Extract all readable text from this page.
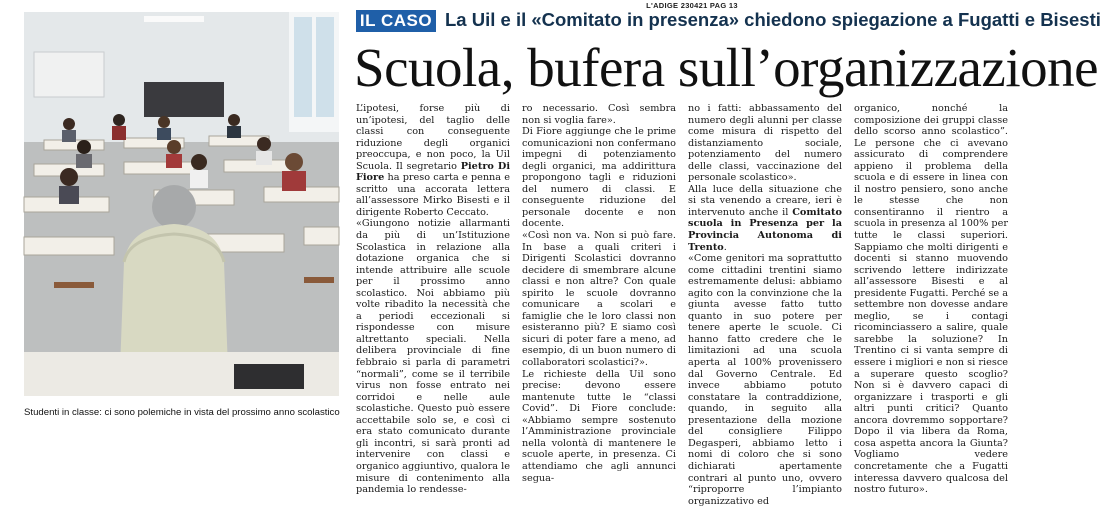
L'ADIGE 230421 PAG 13
Studenti in classe: ci sono polemiche in vista del prossimo anno scolastico
IL CASO La Uil e il «Comitato in presenza» chiedono spiegazione a Fugatti e Bisesti
Scuola, bufera sull’organizzazione

L’ipotesi, forse più di un’ipotesi, del taglio delle classi con conseguente riduzione degli organici preoccupa, e non poco, la Uil Scuola. Il segretario Pietro Di Fiore ha preso carta e penna e scritto una accorata lettera all’assessore Mirko Bisesti e il dirigente Roberto Ceccato.

«Giungono notizie allarmanti da più di un’Istituzione Scolastica in relazione alla dotazione organica che si intende attribuire alle scuole per il prossimo anno scolastico. Noi abbiamo più volte ribadito la necessità che a periodi eccezionali si rispondesse con misure altrettanto speciali. Nella delibera provinciale di fine febbraio si parla di parametri “normali”, come se il terribile virus non fosse entrato nei corridoi e nelle aule scolastiche. Questo può essere accettabile solo se, e così ci era stato comunicato durante gli incontri, si sarà pronti ad intervenire con classi e organico aggiuntivo, qualora le misure di contenimento alla pandemia lo rendesse-

ro necessario. Così sembra non si voglia fare».

Di Fiore aggiunge che le prime comunicazioni non confermano impegni di potenziamento degli organici, ma addirittura propongono tagli e riduzioni del numero di classi. E conseguente riduzione del personale docente e non docente.

«Così non va. Non si può fare. In base a quali criteri i Dirigenti Scolastici dovranno decidere di smembrare alcune classi e non altre? Con quale spirito le scuole dovranno comunicare a scolari e famiglie che le loro classi non esisteranno più? E siamo così sicuri di poter fare a meno, ad esempio, di un buon numero di collaboratori scolastici?».

Le richieste della Uil sono precise: devono essere mantenute tutte le “classi Covid”. Di Fiore conclude: «Abbiamo sempre sostenuto l’Amministrazione provinciale nella volontà di mantenere le scuole aperte, in presenza. Ci attendiamo che agli annunci segua-

no i fatti: abbassamento del numero degli alunni per classe come misura di rispetto del distanziamento sociale, potenziamento del numero delle classi, vaccinazione del personale scolastico».

Alla luce della situazione che si sta venendo a creare, ieri è intervenuto anche il Comitato scuola in Presenza per la Provincia Autonoma di Trento.

«Come genitori ma soprattutto come cittadini trentini siamo estremamente delusi: abbiamo agito con la convinzione che la giunta avesse fatto tutto quanto in suo potere per tenere aperte le scuole. Ci hanno fatto credere che le limitazioni ad una scuola aperta al 100% provenissero dal Governo Centrale. Ed invece abbiamo potuto constatare la contraddizione, quando, in seguito alla presentazione della mozione del consigliere Filippo Degasperi, abbiamo letto i nomi di coloro che si sono dichiarati apertamente contrari al punto uno, ovvero “riproporre l’impianto organizzativo ed

organico, nonché la composizione dei gruppi classe dello scorso anno scolastico”. Le persone che ci avevano assicurato di comprendere appieno il problema della scuola e di essere in linea con il nostro pensiero, sono anche le stesse che non consentiranno il rientro a scuola in presenza al 100% per tutte le classi superiori. Sappiamo che molti dirigenti e docenti si stanno muovendo scrivendo lettere indirizzate all’assessore Bisesti e al presidente Fugatti. Perché se a settembre non dovesse andare meglio, se i contagi ricominciassero a salire, quale sarebbe la soluzione? In Trentino ci si vanta sempre di essere i migliori e non si riesce a superare questo scoglio? Non si è davvero capaci di organizzare i trasporti e gli altri punti critici? Quanto ancora dovremmo sopportare? Dopo il via libera da Roma, cosa aspetta ancora la Giunta? Vogliamo vedere concretamente che a Fugatti interessa davvero qualcosa del nostro futuro».
